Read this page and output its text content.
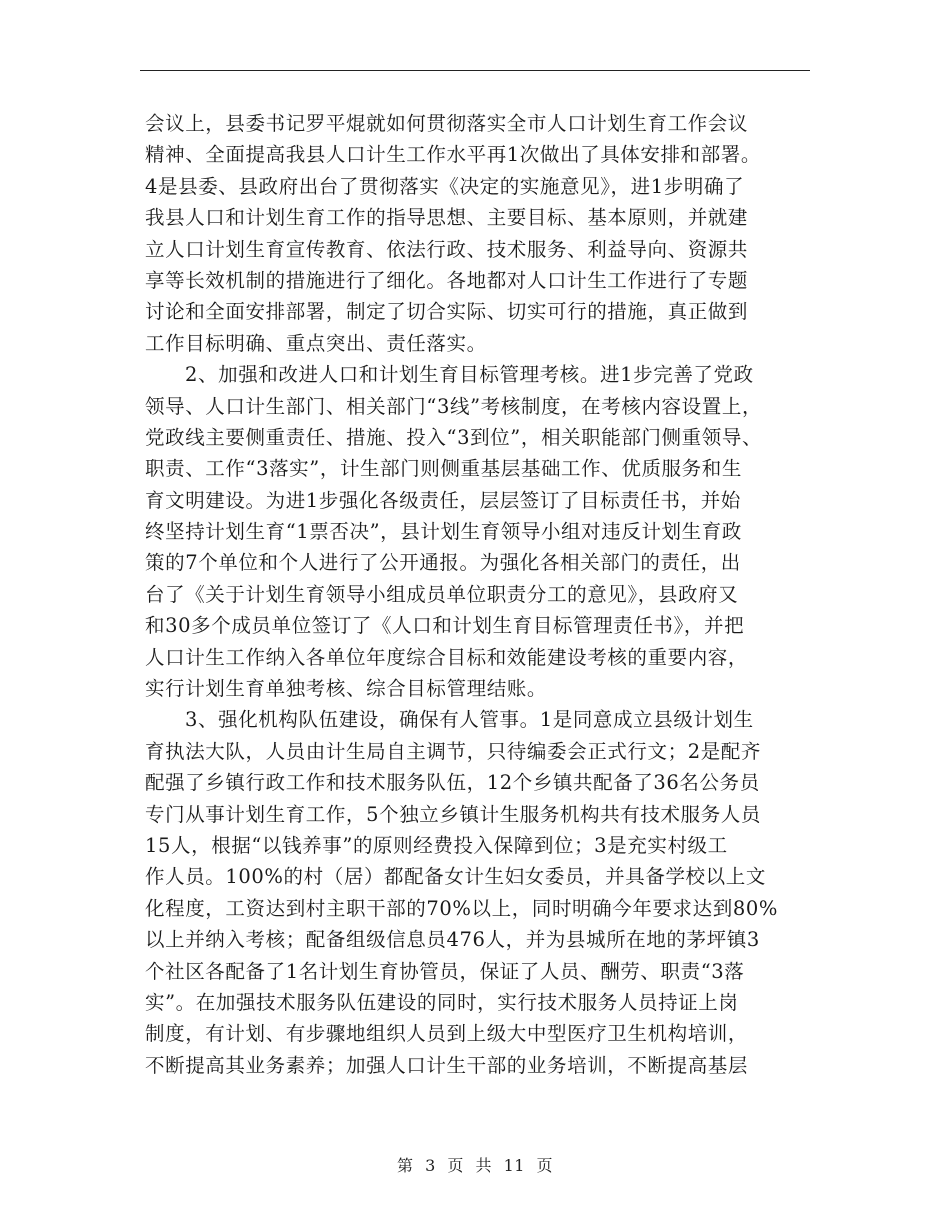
会议上，县委书记罗平焜就如何贯彻落实全市人口计划生育工作会议
精神、全面提高我县人口计生工作水平再1次做出了具体安排和部署。
4是县委、县政府出台了贯彻落实《决定的实施意见》，进1步明确了
我县人口和计划生育工作的指导思想、主要目标、基本原则，并就建
立人口计划生育宣传教育、依法行政、技术服务、利益导向、资源共
享等长效机制的措施进行了细化。各地都对人口计生工作进行了专题
讨论和全面安排部署，制定了切合实际、切实可行的措施，真正做到
工作目标明确、重点突出、责任落实。
2、加强和改进人口和计划生育目标管理考核。进1步完善了党政
领导、人口计生部门、相关部门“3线”考核制度，在考核内容设置上，
党政线主要侧重责任、措施、投入“3到位”，相关职能部门侧重领导、
职责、工作“3落实”，计生部门则侧重基层基础工作、优质服务和生
育文明建设。为进1步强化各级责任，层层签订了目标责任书，并始
终坚持计划生育“1票否决”，县计划生育领导小组对违反计划生育政
策的7个单位和个人进行了公开通报。为强化各相关部门的责任，出
台了《关于计划生育领导小组成员单位职责分工的意见》，县政府又
和30多个成员单位签订了《人口和计划生育目标管理责任书》，并把
人口计生工作纳入各单位年度综合目标和效能建设考核的重要内容，
实行计划生育单独考核、综合目标管理结账。
3、强化机构队伍建设，确保有人管事。1是同意成立县级计划生
育执法大队，人员由计生局自主调节，只待编委会正式行文；2是配齐
配强了乡镇行政工作和技术服务队伍，12个乡镇共配备了36名公务员
专门从事计划生育工作，5个独立乡镇计生服务机构共有技术服务人员
15人，根据“以钱养事”的原则经费投入保障到位；3是充实村级工
作人员。100%的村（居）都配备女计生妇女委员，并具备学校以上文
化程度，工资达到村主职干部的70%以上，同时明确今年要求达到80%
以上并纳入考核；配备组级信息员476人，并为县城所在地的茅坪镇3
个社区各配备了1名计划生育协管员，保证了人员、酬劳、职责“3落
实”。在加强技术服务队伍建设的同时，实行技术服务人员持证上岗
制度，有计划、有步骤地组织人员到上级大中型医疗卫生机构培训，
不断提高其业务素养；加强人口计生干部的业务培训，不断提高基层
第 3 页 共 11 页
